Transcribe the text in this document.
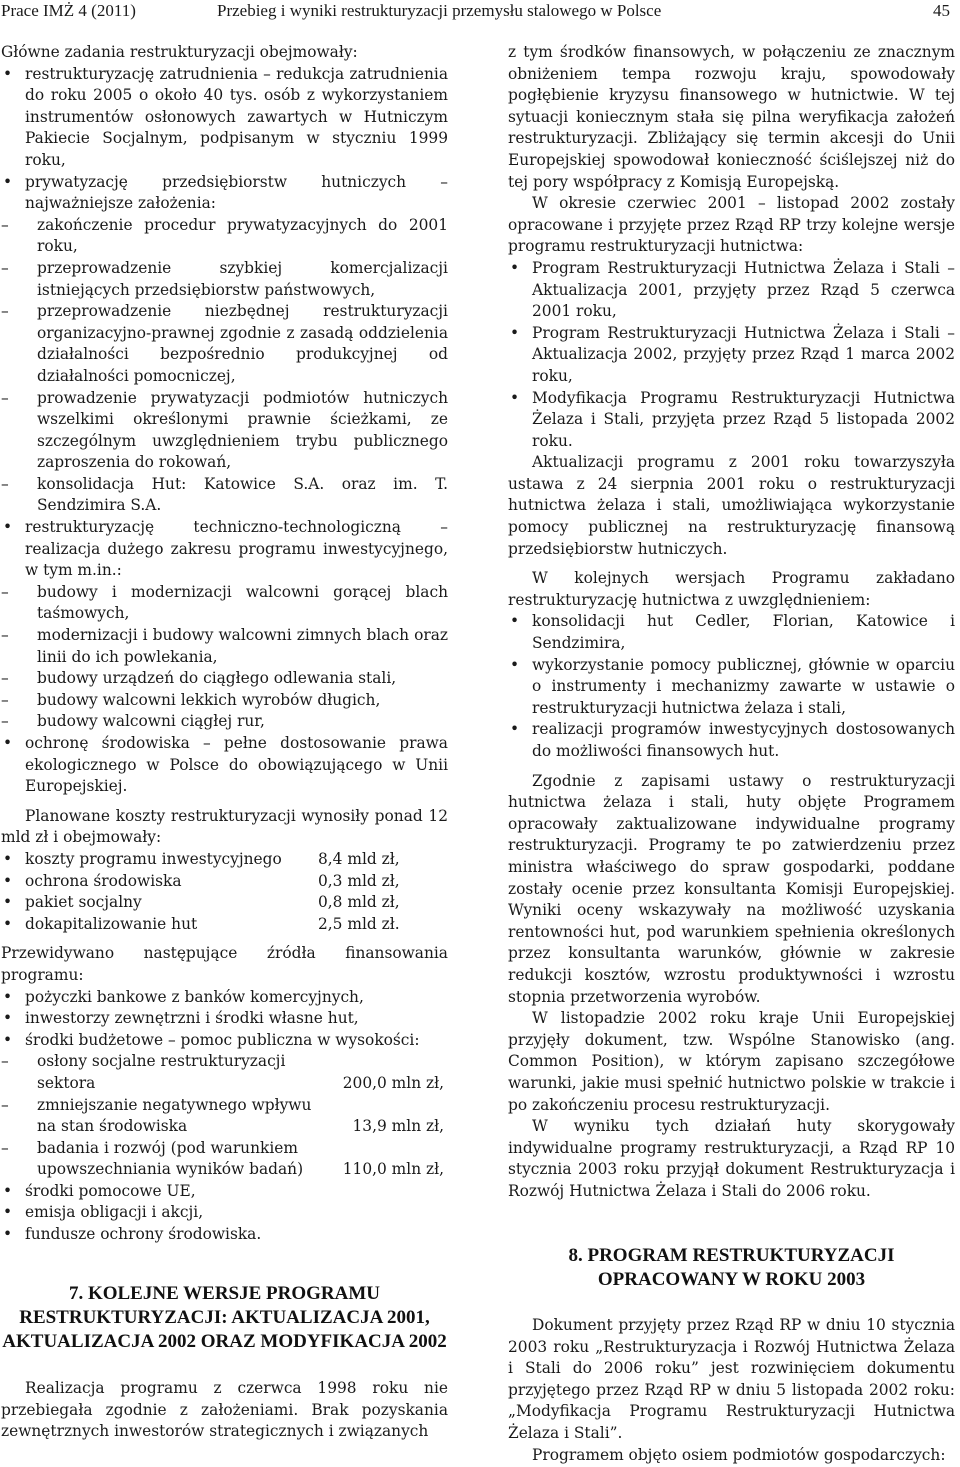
Prace IMŻ 4 (2011)	Przebieg i wyniki restrukturyzacji przemysłu stalowego w Polsce	45

Główne zadania restrukturyzacji obejmowały:

• restrukturyzację zatrudnienia – redukcja zatrudnienia do roku 2005 o około 40 tys. osób z wykorzystaniem instrumentów osłonowych zawartych w Hutniczym Pakiecie Socjalnym, podpisanym w styczniu 1999 roku,
• prywatyzację przedsiębiorstw hutniczych – najważniejsze założenia:
– zakończenie procedur prywatyzacyjnych do 2001 roku,
– przeprowadzenie szybkiej komercjalizacji istniejących przedsiębiorstw państwowych,
– przeprowadzenie niezbędnej restrukturyzacji organizacyjno-prawnej zgodnie z zasadą oddzielenia działalności bezpośrednio produkcyjnej od działalności pomocniczej,
– prowadzenie prywatyzacji podmiotów hutniczych wszelkimi określonymi prawnie ścieżkami, ze szczególnym uwzględnieniem trybu publicznego zaproszenia do rokowań,
– konsolidacja Hut: Katowice S.A. oraz im. T. Sendzimira S.A.
• restrukturyzację techniczno-technologiczną – realizacja dużego zakresu programu inwestycyjnego, w tym m.in.:
– budowy i modernizacji walcowni gorącej blach taśmowych,
– modernizacji i budowy walcowni zimnych blach oraz linii do ich powlekania,
– budowy urządzeń do ciągłego odlewania stali,
– budowy walcowni lekkich wyrobów długich,
– budowy walcowni ciągłej rur,
• ochronę środowiska – pełne dostosowanie prawa ekologicznego w Polsce do obowiązującego w Unii Europejskiej.

Planowane koszty restrukturyzacji wynosiły ponad 12 mld zł i obejmowały:

• koszty programu inwestycyjnego 8,4 mld zł,
• ochrona środowiska	0,3 mld zł,
• pakiet socjalny	0,8 mld zł,
• dokapitalizowanie hut	2,5 mld zł.

Przewidywano następujące źródła finansowania programu:

• pożyczki bankowe z banków komercyjnych,
• inwestorzy zewnętrzni i środki własne hut,
• środki budżetowe – pomoc publiczna w wysokości:
– osłony socjalne restrukturyzacji
sektora	200,0 mln zł,
– zmniejszanie negatywnego wpływu
na stan środowiska	13,9 mln zł,
– badania i rozwój (pod warunkiem
upowszechniania wyników badań)	110,0 mln zł,
• środki pomocowe UE,
• emisja obligacji i akcji,
• fundusze ochrony środowiska.
7. KOLEJNE WERSJE PROGRAMU RESTRUKTURYZACJI: AKTUALIZACJA 2001, AKTUALIZACJA 2002 ORAZ MODYFIKACJA 2002

Realizacja programu z czerwca 1998 roku nie przebiegała zgodnie z założeniami. Brak pozyskania zewnętrznych inwestorów strategicznych i związanych

z tym środków finansowych, w połączeniu ze znacznym obniżeniem tempa rozwoju kraju, spowodowały pogłębienie kryzysu finansowego w hutnictwie. W tej sytuacji koniecznym stała się pilna weryfikacja założeń restrukturyzacji. Zbliżający się termin akcesji do Unii Europejskiej spowodował konieczność ściślejszej niż do tej pory współpracy z Komisją Europejską.

W okresie czerwiec 2001 – listopad 2002 zostały opracowane i przyjęte przez Rząd RP trzy kolejne wersje programu restrukturyzacji hutnictwa:

• Program Restrukturyzacji Hutnictwa Żelaza i Stali – Aktualizacja 2001, przyjęty przez Rząd 5 czerwca 2001 roku,
• Program Restrukturyzacji Hutnictwa Żelaza i Stali – Aktualizacja 2002, przyjęty przez Rząd 1 marca 2002 roku,
• Modyfikacja Programu Restrukturyzacji Hutnictwa Żelaza i Stali, przyjęta przez Rząd 5 listopada 2002 roku.

Aktualizacji programu z 2001 roku towarzyszyła ustawa z 24 sierpnia 2001 roku o restrukturyzacji hutnictwa żelaza i stali, umożliwiająca wykorzystanie pomocy publicznej na restrukturyzację finansową przedsiębiorstw hutniczych.

W kolejnych wersjach Programu zakładano restrukturyzację hutnictwa z uwzględnieniem:

• konsolidacji hut Cedler, Florian, Katowice i Sendzimira,
• wykorzystanie pomocy publicznej, głównie w oparciu o instrumenty i mechanizmy zawarte w ustawie o restrukturyzacji hutnictwa żelaza i stali,
• realizacji programów inwestycyjnych dostosowanych do możliwości finansowych hut.

Zgodnie z zapisami ustawy o restrukturyzacji hutnictwa żelaza i stali, huty objęte Programem opracowały zaktualizowane indywidualne programy restrukturyzacji. Programy te po zatwierdzeniu przez ministra właściwego do spraw gospodarki, poddane zostały ocenie przez konsultanta Komisji Europejskiej. Wyniki oceny wskazywały na możliwość uzyskania rentowności hut, pod warunkiem spełnienia określonych przez konsultanta warunków, głównie w zakresie redukcji kosztów, wzrostu produktywności i wzrostu stopnia przetworzenia wyrobów.

W listopadzie 2002 roku kraje Unii Europejskiej przyjęły dokument, tzw. Wspólne Stanowisko (ang. Common Position), w którym zapisano szczegółowe warunki, jakie musi spełnić hutnictwo polskie w trakcie i po zakończeniu procesu restrukturyzacji.

W wyniku tych działań huty skorygowały indywidualne programy restrukturyzacji, a Rząd RP 10 stycznia 2003 roku przyjął dokument Restrukturyzacja i Rozwój Hutnictwa Żelaza i Stali do 2006 roku.

8. PROGRAM RESTRUKTURYZACJI OPRACOWANY W ROKU 2003

Dokument przyjęty przez Rząd RP w dniu 10 stycznia 2003 roku „Restrukturyzacja i Rozwój Hutnictwa Żelaza i Stali do 2006 roku” jest rozwinięciem dokumentu przyjętego przez Rząd RP w dniu 5 listopada 2002 roku: „Modyfikacja Programu Restrukturyzacji Hutnictwa Żelaza i Stali”.

Programem objęto osiem podmiotów gospodarczych:
